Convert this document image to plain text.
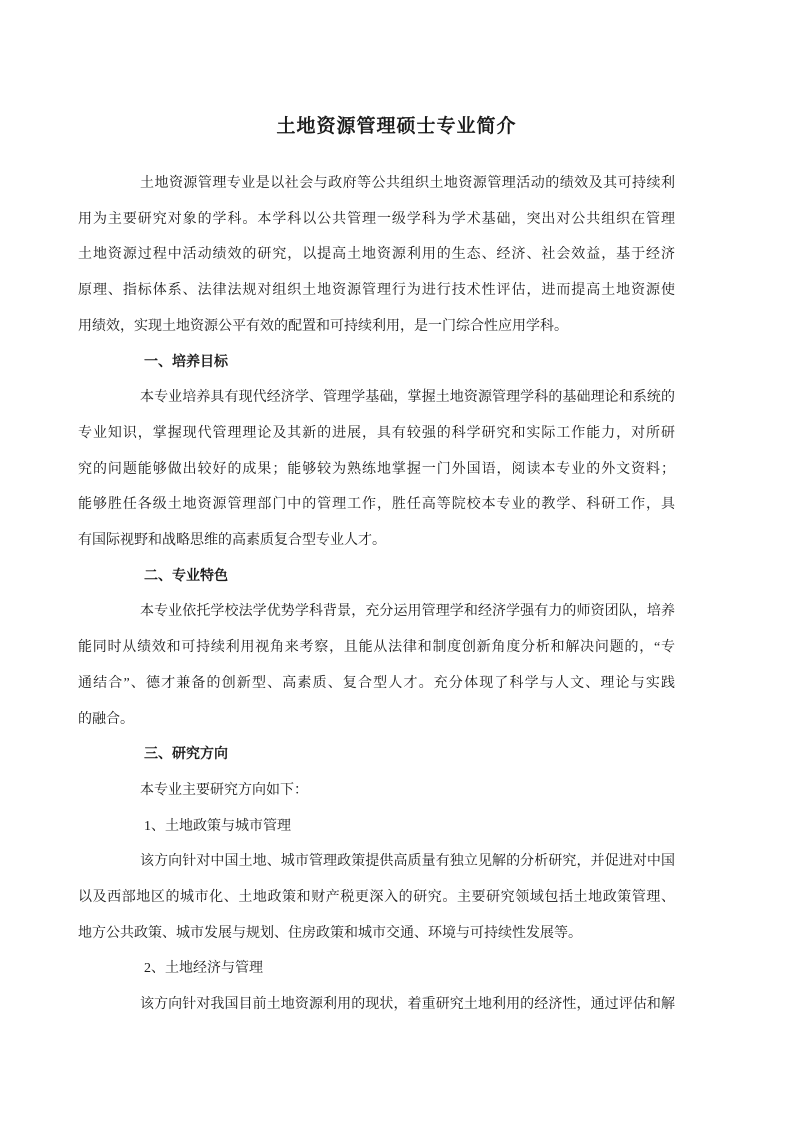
土地资源管理硕士专业简介
土地资源管理专业是以社会与政府等公共组织土地资源管理活动的绩效及其可持续利
用为主要研究对象的学科。本学科以公共管理一级学科为学术基础，突出对公共组织在管理
土地资源过程中活动绩效的研究，以提高土地资源利用的生态、经济、社会效益，基于经济
原理、指标体系、法律法规对组织土地资源管理行为进行技术性评估，进而提高土地资源使
用绩效，实现土地资源公平有效的配置和可持续利用，是一门综合性应用学科。
一、培养目标
本专业培养具有现代经济学、管理学基础，掌握土地资源管理学科的基础理论和系统的
专业知识，掌握现代管理理论及其新的进展，具有较强的科学研究和实际工作能力，对所研
究的问题能够做出较好的成果；能够较为熟练地掌握一门外国语，阅读本专业的外文资料；
能够胜任各级土地资源管理部门中的管理工作，胜任高等院校本专业的教学、科研工作，具
有国际视野和战略思维的高素质复合型专业人才。
二、专业特色
本专业依托学校法学优势学科背景，充分运用管理学和经济学强有力的师资团队，培养
能同时从绩效和可持续利用视角来考察，且能从法律和制度创新角度分析和解决问题的，“专
通结合”、德才兼备的创新型、高素质、复合型人才。充分体现了科学与人文、理论与实践
的融合。
三、研究方向
本专业主要研究方向如下：
1、土地政策与城市管理
该方向针对中国土地、城市管理政策提供高质量有独立见解的分析研究，并促进对中国
以及西部地区的城市化、土地政策和财产税更深入的研究。主要研究领域包括土地政策管理、
地方公共政策、城市发展与规划、住房政策和城市交通、环境与可持续性发展等。
2、土地经济与管理
该方向针对我国目前土地资源利用的现状，着重研究土地利用的经济性，通过评估和解
